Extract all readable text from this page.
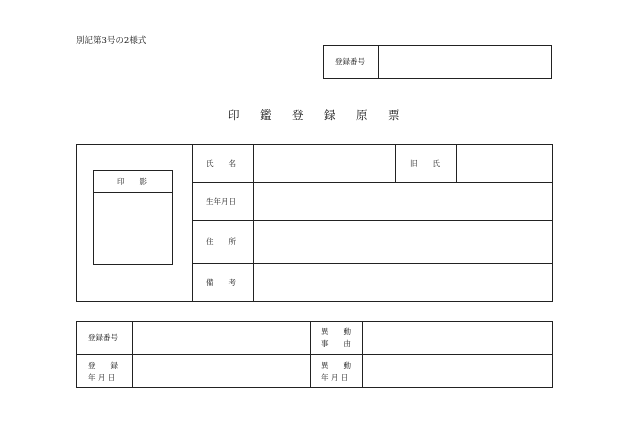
別記第3号の2様式
登録番号
印 鑑 登 録 原 票
印　　影
氏　　名	旧　　氏
生年月日
住　　所
備　　考
登録番号
異　　動
事　　由
登　　録
年 月 日
異　　動
年 月 日
